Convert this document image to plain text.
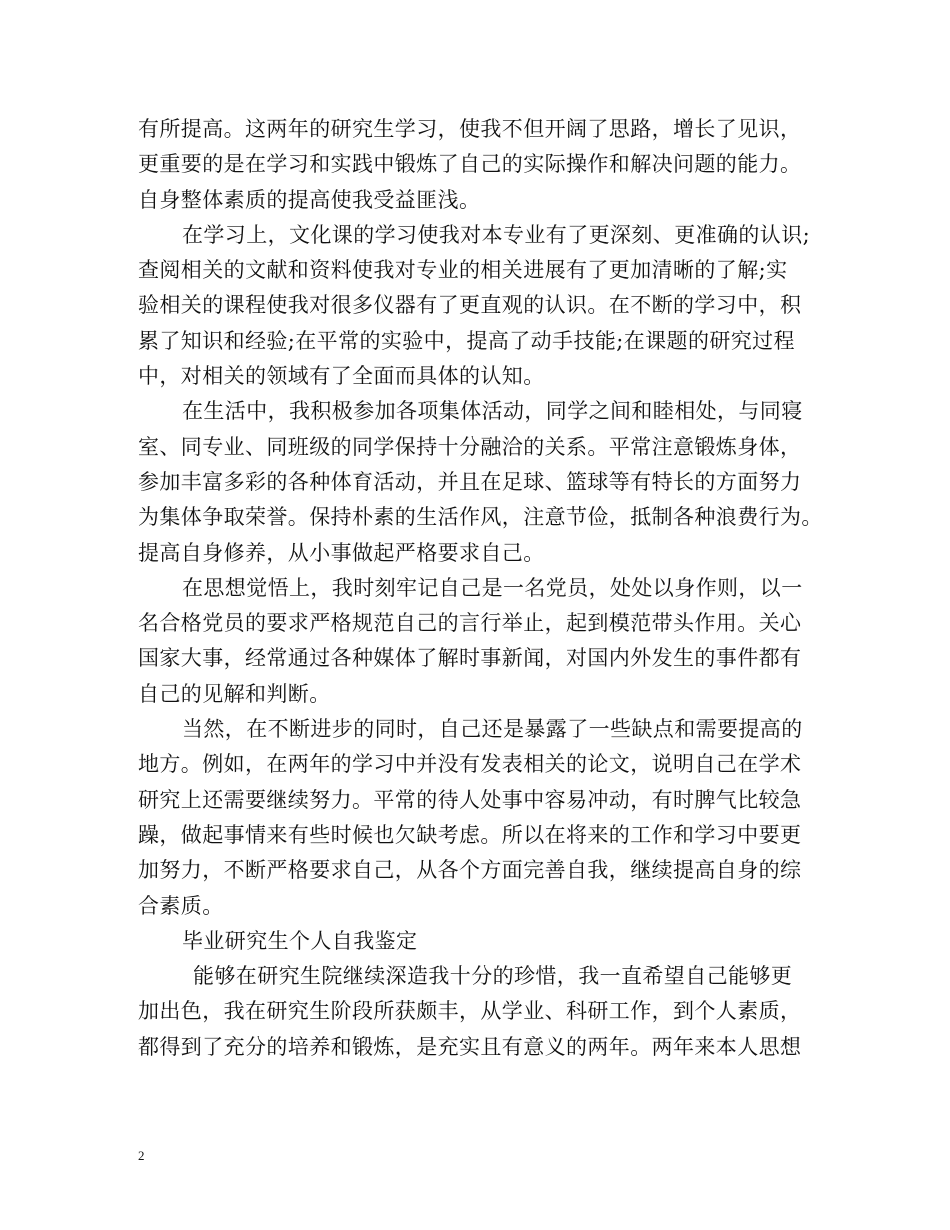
有所提高。这两年的研究生学习，使我不但开阔了思路，增长了见识，
更重要的是在学习和实践中锻炼了自己的实际操作和解决问题的能力。
自身整体素质的提高使我受益匪浅。
在学习上，文化课的学习使我对本专业有了更深刻、更准确的认识;
查阅相关的文献和资料使我对专业的相关进展有了更加清晰的了解;实
验相关的课程使我对很多仪器有了更直观的认识。在不断的学习中，积
累了知识和经验;在平常的实验中，提高了动手技能;在课题的研究过程
中，对相关的领域有了全面而具体的认知。
在生活中，我积极参加各项集体活动，同学之间和睦相处，与同寝
室、同专业、同班级的同学保持十分融洽的关系。平常注意锻炼身体，
参加丰富多彩的各种体育活动，并且在足球、篮球等有特长的方面努力
为集体争取荣誉。保持朴素的生活作风，注意节俭，抵制各种浪费行为。
提高自身修养，从小事做起严格要求自己。
在思想觉悟上，我时刻牢记自己是一名党员，处处以身作则，以一
名合格党员的要求严格规范自己的言行举止，起到模范带头作用。关心
国家大事，经常通过各种媒体了解时事新闻，对国内外发生的事件都有
自己的见解和判断。
当然，在不断进步的同时，自己还是暴露了一些缺点和需要提高的
地方。例如，在两年的学习中并没有发表相关的论文，说明自己在学术
研究上还需要继续努力。平常的待人处事中容易冲动，有时脾气比较急
躁，做起事情来有些时候也欠缺考虑。所以在将来的工作和学习中要更
加努力，不断严格要求自己，从各个方面完善自我，继续提高自身的综
合素质。
毕业研究生个人自我鉴定
能够在研究生院继续深造我十分的珍惜，我一直希望自己能够更
加出色，我在研究生阶段所获颇丰，从学业、科研工作，到个人素质，
都得到了充分的培养和锻炼，是充实且有意义的两年。两年来本人思想
2
